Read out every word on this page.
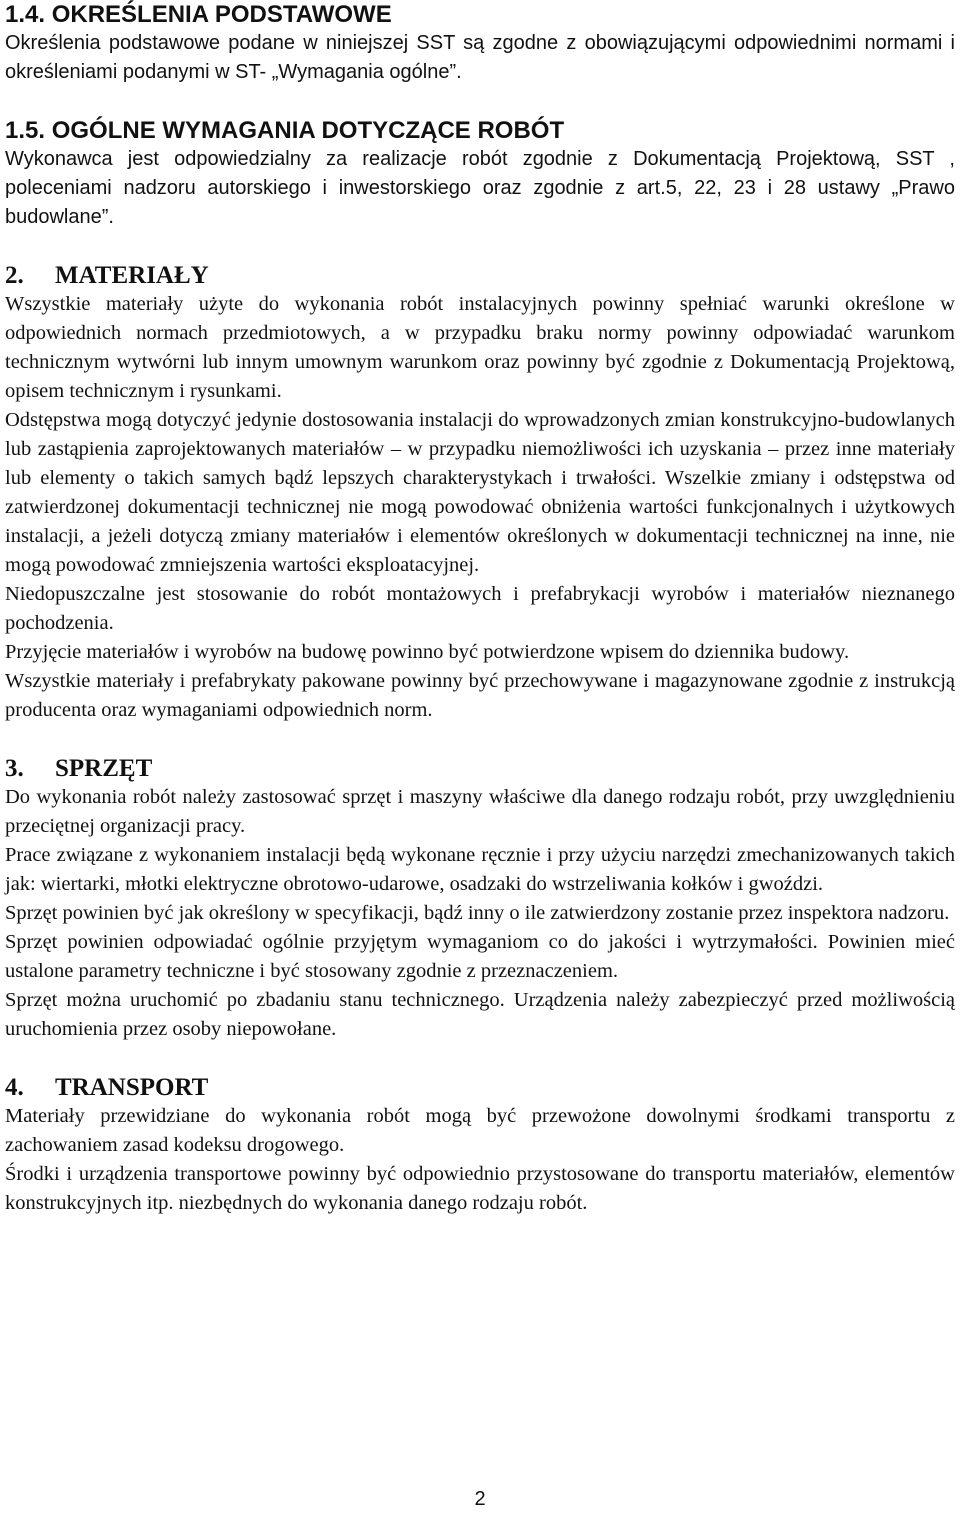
1.4. OKREŚLENIA PODSTAWOWE

Określenia podstawowe podane w niniejszej SST są zgodne z obowiązującymi odpowiednimi normami i określeniami podanymi w ST- „Wymagania ogólne”.

1.5. OGÓLNE WYMAGANIA DOTYCZĄCE ROBÓT

Wykonawca jest odpowiedzialny za realizacje robót zgodnie z Dokumentacją Projektową, SST , poleceniami nadzoru autorskiego i inwestorskiego oraz zgodnie z art.5, 22, 23 i 28 ustawy „Prawo budowlane”.

2. MATERIAŁY

Wszystkie materiały użyte do wykonania robót instalacyjnych powinny spełniać warunki określone w odpowiednich normach przedmiotowych, a w przypadku braku normy powinny odpowiadać warunkom technicznym wytwórni lub innym umownym warunkom oraz powinny być zgodnie z Dokumentacją Projektową, opisem technicznym i rysunkami.

Odstępstwa mogą dotyczyć jedynie dostosowania instalacji do wprowadzonych zmian konstrukcyjno-budowlanych lub zastąpienia zaprojektowanych materiałów – w przypadku niemożliwości ich uzyskania – przez inne materiały lub elementy o takich samych bądź lepszych charakterystykach i trwałości. Wszelkie zmiany i odstępstwa od zatwierdzonej dokumentacji technicznej nie mogą powodować obniżenia wartości funkcjonalnych i użytkowych instalacji, a jeżeli dotyczą zmiany materiałów i elementów określonych w dokumentacji technicznej na inne, nie mogą powodować zmniejszenia wartości eksploatacyjnej.

Niedopuszczalne jest stosowanie do robót montażowych i prefabrykacji wyrobów i materiałów nieznanego pochodzenia.

Przyjęcie materiałów i wyrobów na budowę powinno być potwierdzone wpisem do dziennika budowy.

Wszystkie materiały i prefabrykaty pakowane powinny być przechowywane i magazynowane zgodnie z instrukcją producenta oraz wymaganiami odpowiednich norm.

3. SPRZĘT

Do wykonania robót należy zastosować sprzęt i maszyny właściwe dla danego rodzaju robót, przy uwzględnieniu przeciętnej organizacji pracy.

Prace związane z wykonaniem instalacji będą wykonane ręcznie i przy użyciu narzędzi zmechanizowanych takich jak: wiertarki, młotki elektryczne obrotowo-udarowe, osadzaki do wstrzeliwania kołków i gwoździ.

Sprzęt powinien być jak określony w specyfikacji, bądź inny o ile zatwierdzony zostanie przez inspektora nadzoru.

Sprzęt powinien odpowiadać ogólnie przyjętym wymaganiom co do jakości i wytrzymałości. Powinien mieć ustalone parametry techniczne i być stosowany zgodnie z przeznaczeniem.

Sprzęt można uruchomić po zbadaniu stanu technicznego. Urządzenia należy zabezpieczyć przed możliwością uruchomienia przez osoby niepowołane.

4. TRANSPORT

Materiały przewidziane do wykonania robót mogą być przewożone dowolnymi środkami transportu z zachowaniem zasad kodeksu drogowego.

Środki i urządzenia transportowe powinny być odpowiednio przystosowane do transportu materiałów, elementów konstrukcyjnych itp. niezbędnych do wykonania danego rodzaju robót.

2
